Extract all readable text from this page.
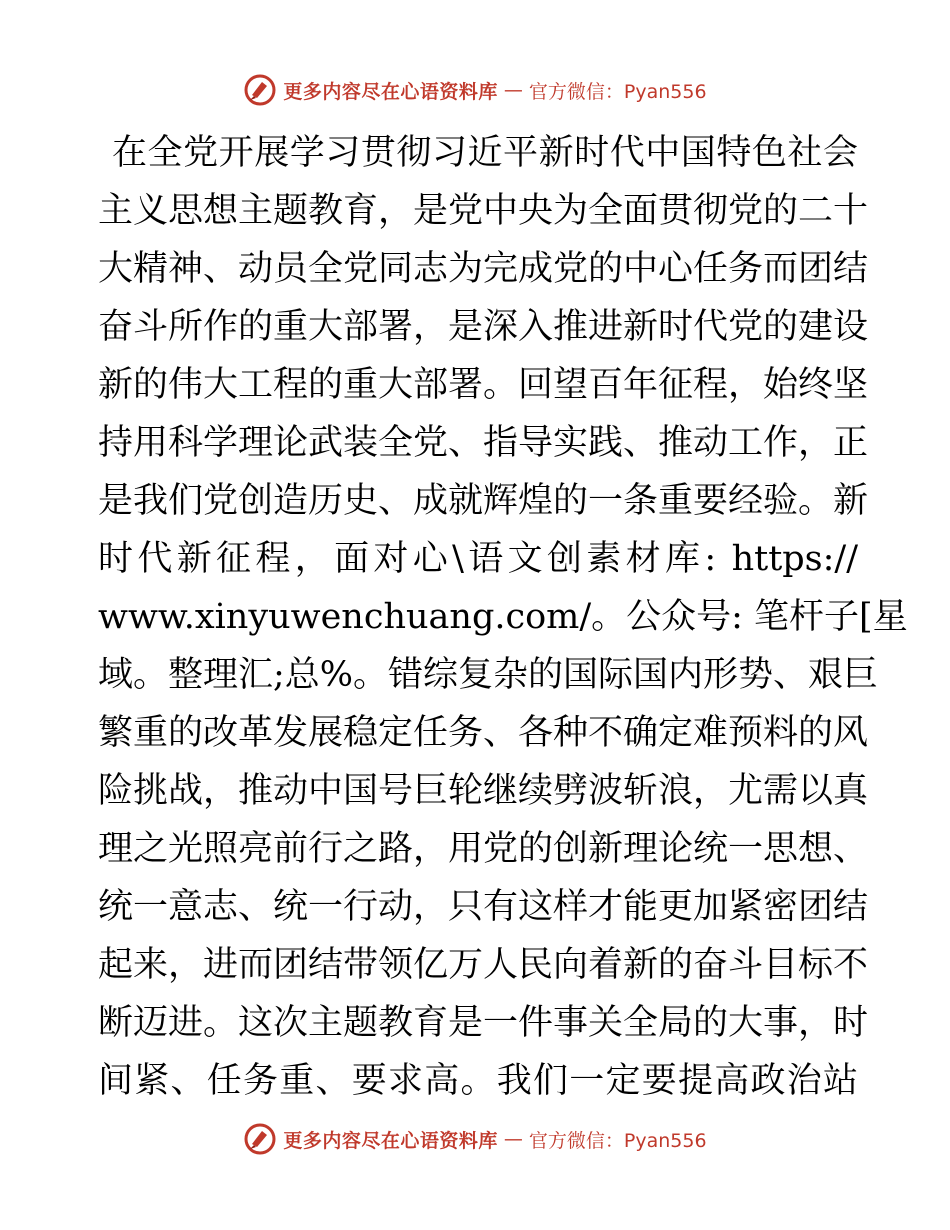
更多内容尽在心语资料库 — 官方微信：Pyan556
在全党开展学习贯彻习近平新时代中国特色社会
主义思想主题教育，是党中央为全面贯彻党的二十
大精神、动员全党同志为完成党的中心任务而团结
奋斗所作的重大部署，是深入推进新时代党的建设
新的伟大工程的重大部署。回望百年征程，始终坚
持用科学理论武装全党、指导实践、推动工作，正
是我们党创造历史、成就辉煌的一条重要经验。新
时代新征程，面对心\语文创素材库: https://
www.xinyuwenchuang.com/。公众号: 笔杆子[星
域。整理汇;总%。错综复杂的国际国内形势、艰巨
繁重的改革发展稳定任务、各种不确定难预料的风
险挑战，推动中国号巨轮继续劈波斩浪，尤需以真
理之光照亮前行之路，用党的创新理论统一思想、
统一意志、统一行动，只有这样才能更加紧密团结
起来，进而团结带领亿万人民向着新的奋斗目标不
断迈进。这次主题教育是一件事关全局的大事，时
间紧、任务重、要求高。我们一定要提高政治站
更多内容尽在心语资料库 — 官方微信：Pyan556
